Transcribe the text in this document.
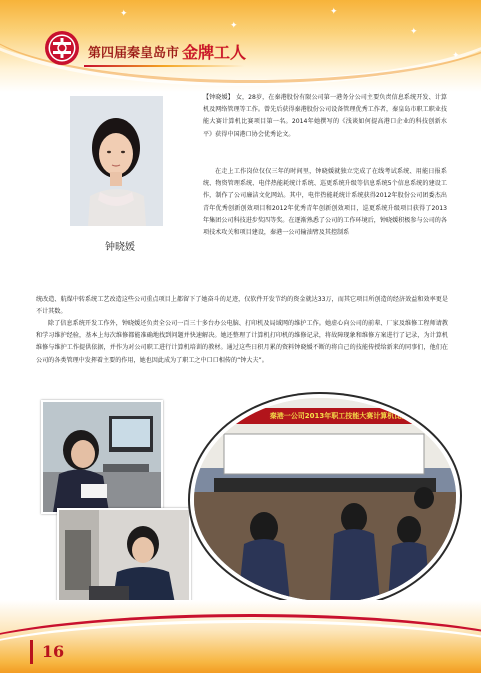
✦
✦
✦
✦
✦
第四届秦皇岛市 金牌工人
钟晓媛
【钟晓媛】 女，28岁，在秦港股份有限公司第一港务分公司主要负责信息系统开发、计算机及网络管理等工作。曾先后获得秦港股份公司设备管理优秀工作者，秦皇岛市职工职业技能大赛计算机比赛项目第一名。2014年她撰写的《浅谈如何提高港口企业的科技创新水平》获得中国港口协会优秀论文。
在走上工作岗位仅仅三年的时间里，钟晓媛就独立完成了在线考试系统、用能日报系统、物资管理系统、电伴热能耗统计系统、巡更系统升级等信息系统5个信息系统的建设工作，制作了公司廉洁文化网站。其中，电伴热能耗统计系统获得2012年股份公司团委杰出青年优秀创新创效项目和2012年优秀青年创新创效项目，巡更系统升级项目获得了2013年集团公司科技进步奖四等奖。在逐渐熟悉了公司的工作环境后，钟晓媛积极参与公司的各项技术攻关和项目建设，秦港一公司输油臂及其控制系
统改造、航煤中转系统工艺改造这些公司重点项目上都留下了她奋斗的足迹，仅软件开发节约的资金就达33万，而其它项目所创造的经济效益和效率更是不计其数。
除了信息系统开发工作外，钟晓媛还负责全公司一百三十多台办公电脑、打印机及局域网的维护工作。她虚心向公司的前辈、厂家及维修工程师请教和学习维护经验，基本上每次维修都能准确地找到问题并快速解决。她还整理了计算机打印机的维修记录，将故障现象和维修方案进行了记录，为计算机维修与维护工作提供依据，并作为对公司职工进行计算机培训的教材。通过这些日积月累的资料钟晓媛不断的将自己的技能传授给新来的同事们，他们在公司的各类管理中发挥着主要的作用，她也因此成为了职工之中口口相传的“钟大夫”。
秦港一公司2013年职工技能大赛计算机比赛
16
